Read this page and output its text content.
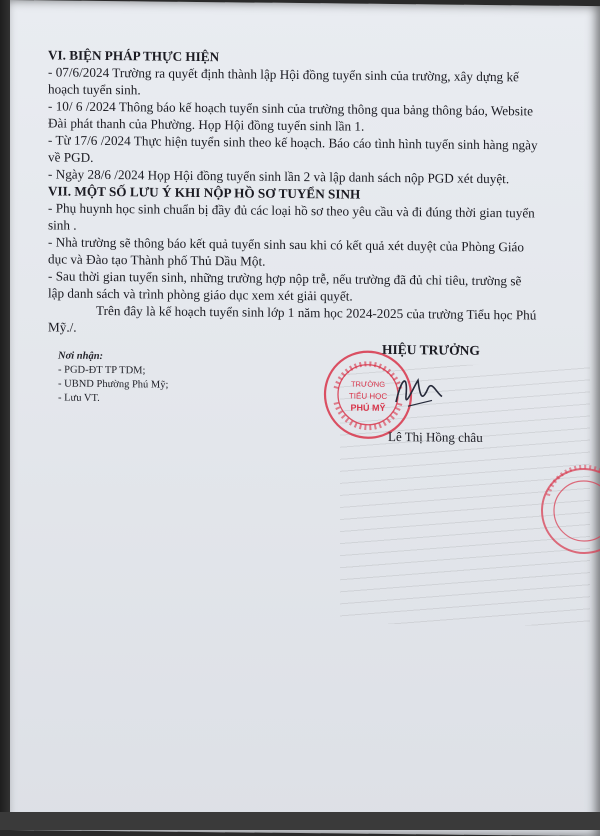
VI. BIỆN PHÁP THỰC HIỆN

- 07/6/2024 Trường ra quyết định thành lập Hội đồng tuyển sinh của trường, xây dựng kế

hoạch tuyển sinh.

- 10/ 6 /2024 Thông báo kế hoạch tuyển sinh của trường thông qua bảng thông báo, Website

Đài phát thanh của Phường. Họp Hội đồng tuyển sinh lần 1.

- Từ 17/6 /2024 Thực hiện tuyển sinh theo kế hoạch. Báo cáo tình hình tuyển sinh hàng ngày

về PGD.

- Ngày 28/6 /2024 Họp Hội đồng tuyển sinh lần 2 và lập danh sách nộp PGD xét duyệt.

VII. MỘT SỐ LƯU Ý KHI NỘP HỒ SƠ TUYỂN SINH

- Phụ huynh học sinh chuẩn bị đầy đủ các loại hồ sơ theo yêu cầu và đi đúng thời gian tuyển

sinh .

- Nhà trường sẽ thông báo kết quả tuyển sinh sau khi có kết quả xét duyệt của Phòng Giáo

dục và Đào tạo Thành phố Thủ Dầu Một.

- Sau thời gian tuyển sinh, những trường hợp nộp trễ, nếu trường đã đủ chỉ tiêu, trường sẽ

lập danh sách và trình phòng giáo dục xem xét giải quyết.

Trên đây là kế hoạch tuyển sinh lớp 1 năm học 2024-2025 của trường Tiểu học Phú

Mỹ./.

Nơi nhận:
- PGD-ĐT TP TDM;
- UBND Phường Phú Mỹ;
- Lưu VT.
TRƯỜNG
TIỂU HỌC
PHÚ MỸ
HIỆU TRƯỞNG
Lê Thị Hồng châu
